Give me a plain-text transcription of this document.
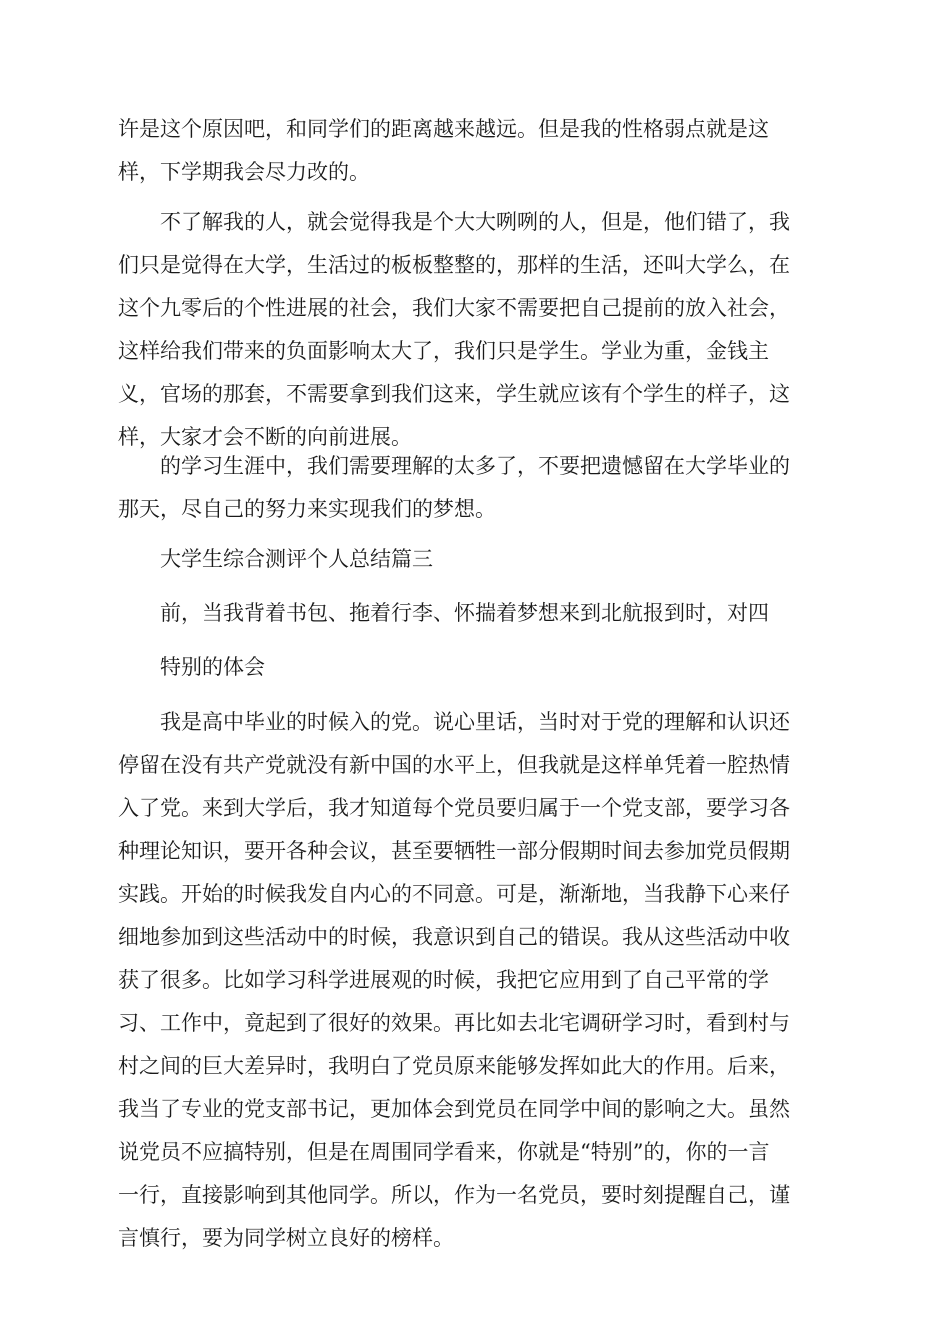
许是这个原因吧，和同学们的距离越来越远。但是我的性格弱点就是这
样，下学期我会尽力改的。
不了解我的人，就会觉得我是个大大咧咧的人，但是，他们错了，我
们只是觉得在大学，生活过的板板整整的，那样的生活，还叫大学么，在
这个九零后的个性进展的社会，我们大家不需要把自己提前的放入社会，
这样给我们带来的负面影响太大了，我们只是学生。学业为重，金钱主
义，官场的那套，不需要拿到我们这来，学生就应该有个学生的样子，这
样，大家才会不断的向前进展。
的学习生涯中，我们需要理解的太多了，不要把遗憾留在大学毕业的
那天，尽自己的努力来实现我们的梦想。
大学生综合测评个人总结篇三
前，当我背着书包、拖着行李、怀揣着梦想来到北航报到时，对四
特别的体会
我是高中毕业的时候入的党。说心里话，当时对于党的理解和认识还
停留在没有共产党就没有新中国的水平上，但我就是这样单凭着一腔热情
入了党。来到大学后，我才知道每个党员要归属于一个党支部，要学习各
种理论知识，要开各种会议，甚至要牺牲一部分假期时间去参加党员假期
实践。开始的时候我发自内心的不同意。可是，渐渐地，当我静下心来仔
细地参加到这些活动中的时候，我意识到自己的错误。我从这些活动中收
获了很多。比如学习科学进展观的时候，我把它应用到了自己平常的学
习、工作中，竟起到了很好的效果。再比如去北宅调研学习时，看到村与
村之间的巨大差异时，我明白了党员原来能够发挥如此大的作用。后来，
我当了专业的党支部书记，更加体会到党员在同学中间的影响之大。虽然
说党员不应搞特别，但是在周围同学看来，你就是“特别”的，你的一言
一行，直接影响到其他同学。所以，作为一名党员，要时刻提醒自己，谨
言慎行，要为同学树立良好的榜样。
